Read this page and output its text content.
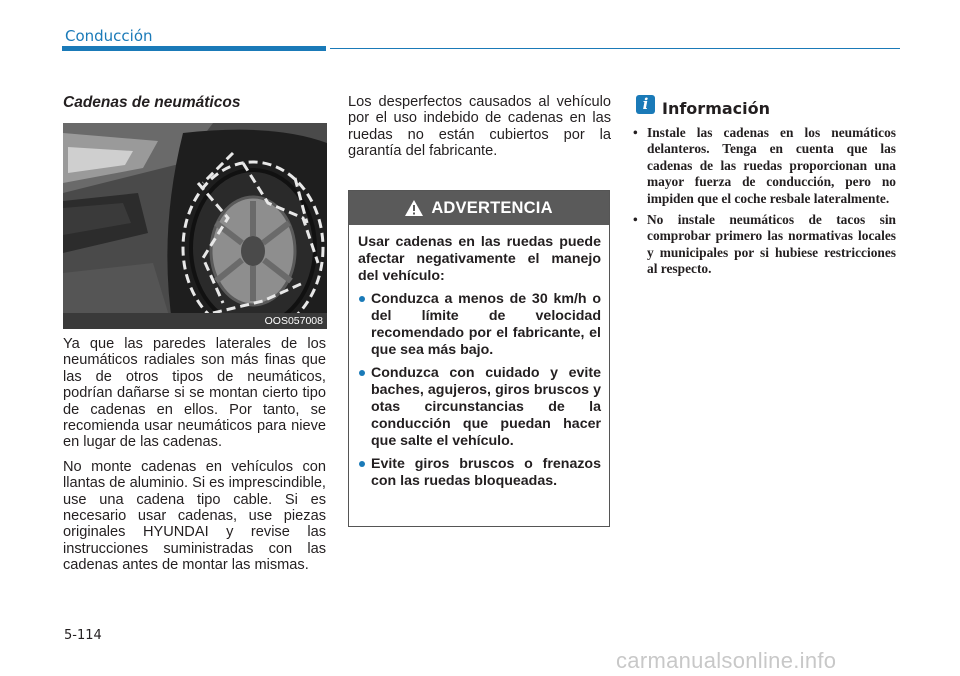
Conducción
Cadenas de neumáticos
OOS057008

Ya que las paredes laterales de los neumáticos radiales son más finas que las de otros tipos de neumáticos, podrían dañarse si se montan cierto tipo de cadenas en ellos. Por tanto, se recomienda usar neumáticos para nieve en lugar de las cadenas.

No monte cadenas en vehículos con llantas de aluminio. Si es imprescindible, use una cadena tipo cable. Si es necesario usar cadenas, use piezas originales HYUNDAI y revise las instrucciones suministradas con las cadenas antes de montar las mismas.

Los desperfectos causados al vehículo por el uso indebido de cadenas en las ruedas no están cubiertos por la garantía del fabricante.

ADVERTENCIA

Usar cadenas en las ruedas puede afectar negativamente el manejo del vehículo:

Conduzca a menos de 30 km/h o del límite de velocidad recomendado por el fabricante, el que sea más bajo.
Conduzca con cuidado y evite baches, agujeros, giros bruscos y otas circunstancias de la conducción que puedan hacer que salte el vehículo.
Evite giros bruscos o frenazos con las ruedas bloqueadas.
i Información
• Instale las cadenas en los neumáticos delanteros. Tenga en cuenta que las cadenas de las ruedas proporcionan una mayor fuerza de conducción, pero no impiden que el coche resbale lateralmente.
• No instale neumáticos de tacos sin comprobar primero las normativas locales y municipales por si hubiese restricciones al respecto.
5-114
carmanualsonline.info
